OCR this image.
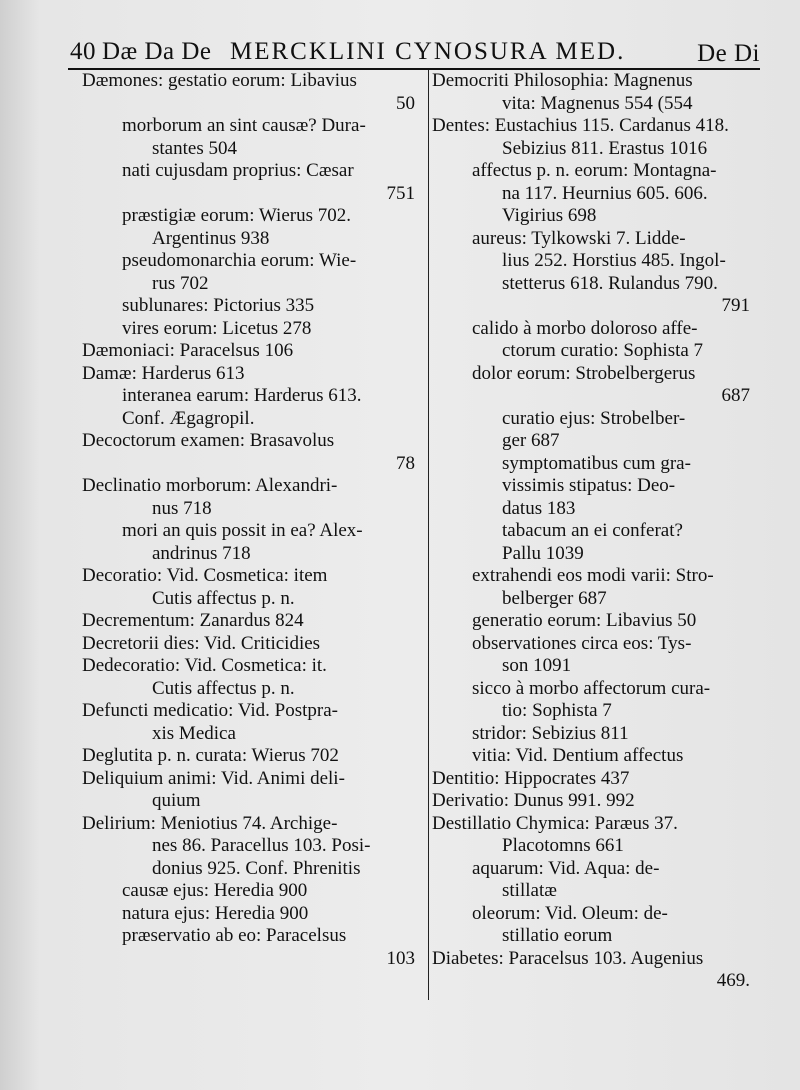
40 Dæ Da De MERCKLINI CYNOSURA MED.	De Di
Dæmones: gestatio eorum: Libavius
50
morborum an sint causæ? Dura-
stantes 504
nati cujusdam proprius: Cæsar
751
præstigiæ eorum: Wierus 702.
Argentinus 938
pseudomonarchia eorum: Wie-
rus 702
sublunares: Pictorius 335
vires eorum: Licetus 278
Dæmoniaci: Paracelsus 106
Damæ: Harderus 613
interanea earum: Harderus 613.
Conf. Ægagropil.
Decoctorum examen: Brasavolus
78
Declinatio morborum: Alexandri-
nus 718
mori an quis possit in ea? Alex-
andrinus 718
Decoratio: Vid. Cosmetica: item
Cutis affectus p. n.
Decrementum: Zanardus 824
Decretorii dies: Vid. Criticidies
Dedecoratio: Vid. Cosmetica: it.
Cutis affectus p. n.
Defuncti medicatio: Vid. Postpra-
xis Medica
Deglutita p. n. curata: Wierus 702
Deliquium animi: Vid. Animi deli-
quium
Delirium: Meniotius 74. Archige-
nes 86. Paracellus 103. Posi-
donius 925. Conf. Phrenitis
causæ ejus: Heredia 900
natura ejus: Heredia 900
præservatio ab eo: Paracelsus
103
Democriti Philosophia: Magnenus
vita: Magnenus 554 (554
Dentes: Eustachius 115. Cardanus 418.
Sebizius 811. Erastus 1016
affectus p. n. eorum: Montagna-
na 117. Heurnius 605. 606.
Vigirius 698
aureus: Tylkowski 7. Lidde-
lius 252. Horstius 485. Ingol-
stetterus 618. Rulandus 790.
791
calido à morbo doloroso affe-
ctorum curatio: Sophista 7
dolor eorum: Strobelbergerus
687
curatio ejus: Strobelber-
ger 687
symptomatibus cum gra-
vissimis stipatus: Deo-
datus 183
tabacum an ei conferat?
Pallu 1039
extrahendi eos modi varii: Stro-
belberger 687
generatio eorum: Libavius 50
observationes circa eos: Tys-
son 1091
sicco à morbo affectorum cura-
tio: Sophista 7
stridor: Sebizius 811
vitia: Vid. Dentium affectus
Dentitio: Hippocrates 437
Derivatio: Dunus 991. 992
Destillatio Chymica: Paræus 37.
Placotomns 661
aquarum: Vid. Aqua: de-
stillatæ
oleorum: Vid. Oleum: de-
stillatio eorum
Diabetes: Paracelsus 103. Augenius
469.
